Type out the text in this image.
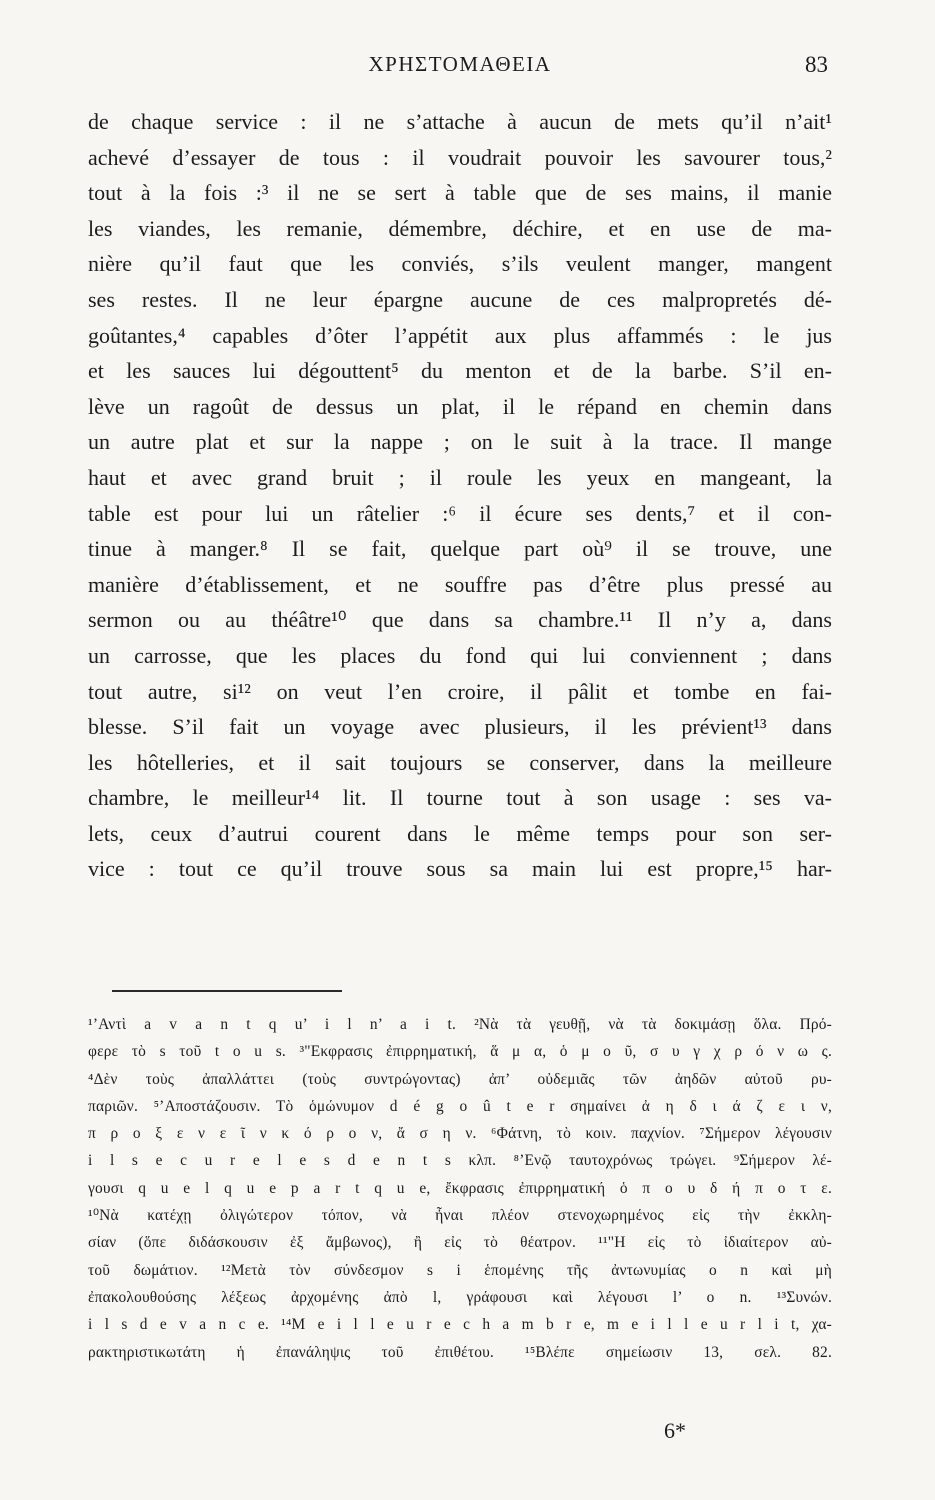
ΧΡΗΣΤΟΜΑΘΕΙΑ	83
de chaque service : il ne s’attache à aucun de mets qu’il n’ait¹
achevé d’essayer de tous : il voudrait pouvoir les savourer tous,²
tout à la fois :³ il ne se sert à table que de ses mains, il manie
les viandes, les remanie, démembre, déchire, et en use de ma-
nière qu’il faut que les conviés, s’ils veulent manger, mangent
ses restes. Il ne leur épargne aucune de ces malpropretés dé-
goûtantes,⁴ capables d’ôter l’appétit aux plus affammés : le jus
et les sauces lui dégouttent⁵ du menton et de la barbe. S’il en-
lève un ragoût de dessus un plat, il le répand en chemin dans
un autre plat et sur la nappe ; on le suit à la trace. Il mange
haut et avec grand bruit ; il roule les yeux en mangeant, la
table est pour lui un râtelier :⁶ il écure ses dents,⁷ et il con-
tinue à manger.⁸ Il se fait, quelque part où⁹ il se trouve, une
manière d’établissement, et ne souffre pas d’être plus pressé au
sermon ou au théâtre¹⁰ que dans sa chambre.¹¹ Il n’y a, dans
un carrosse, que les places du fond qui lui conviennent ; dans
tout autre, si¹² on veut l’en croire, il pâlit et tombe en fai-
blesse. S’il fait un voyage avec plusieurs, il les prévient¹³ dans
les hôtelleries, et il sait toujours se conserver, dans la meilleure
chambre, le meilleur¹⁴ lit. Il tourne tout à son usage : ses va-
lets, ceux d’autrui courent dans le même temps pour son ser-
vice : tout ce qu’il trouve sous sa main lui est propre,¹⁵ har-
¹’Αντὶ a v a n t q u’ i l n’ a i t. ²Νὰ τὰ γευθῇ, νὰ τὰ δοκιμάσῃ ὅλα. Πρό-
φερε τὸ s τοῦ t o u s. ³"Εκφρασις ἐπιρρηματική, ἅ μ α, ὁ μ ο ῦ, σ υ γ χ ρ ό ν ω ς.
⁴Δὲν τοὺς ἀπαλλάττει (τοὺς συντρώγοντας) ἀπ’ οὐδεμιᾶς τῶν ἀηδῶν αὐτοῦ ρυ-
παριῶν. ⁵’Αποστάζουσιν. Τὸ ὁμώνυμον d é g o û t e r σημαίνει ἀ η δ ι ά ζ ε ι ν,
π ρ ο ξ ε ν ε ῖ ν κ ό ρ ο ν, ἄ σ η ν. ⁶Φάτνη, τὸ κοιν. παχνίον. ⁷Σήμερον λέγουσιν
i l s e c u r e l e s d e n t s κλπ. ⁸’Ενῷ ταυτοχρόνως τρώγει. ⁹Σήμερον λέ-
γουσι q u e l q u e p a r t q u e, ἔκφρασις ἐπιρρηματική ὁ π ο υ δ ή π ο τ ε.
¹⁰Νὰ κατέχῃ ὀλιγώτερον τόπον, νὰ ἦναι πλέον στενοχωρημένος εἰς τὴν ἐκκλη-
σίαν (ὅπε διδάσκουσιν ἐξ ἄμβωνος), ἢ εἰς τὸ θέατρον. ¹¹"Η εἰς τὸ ἰδιαίτερον αὐ-
τοῦ δωμάτιον. ¹²Μετὰ τὸν σύνδεσμον s i ἑπομένης τῆς ἀντωνυμίας o n καὶ μὴ
ἐπακολουθούσης λέξεως ἀρχομένης ἀπὸ l, γράφουσι καὶ λέγουσι l’ o n. ¹³Συνών.
i l s d e v a n c e. ¹⁴M e i l l e u r e c h a m b r e, m e i l l e u r l i t, χα-
ρακτηριστικωτάτη ἡ ἐπανάληψις τοῦ ἐπιθέτου. ¹⁵Βλέπε σημείωσιν 13, σελ. 82.
6*
